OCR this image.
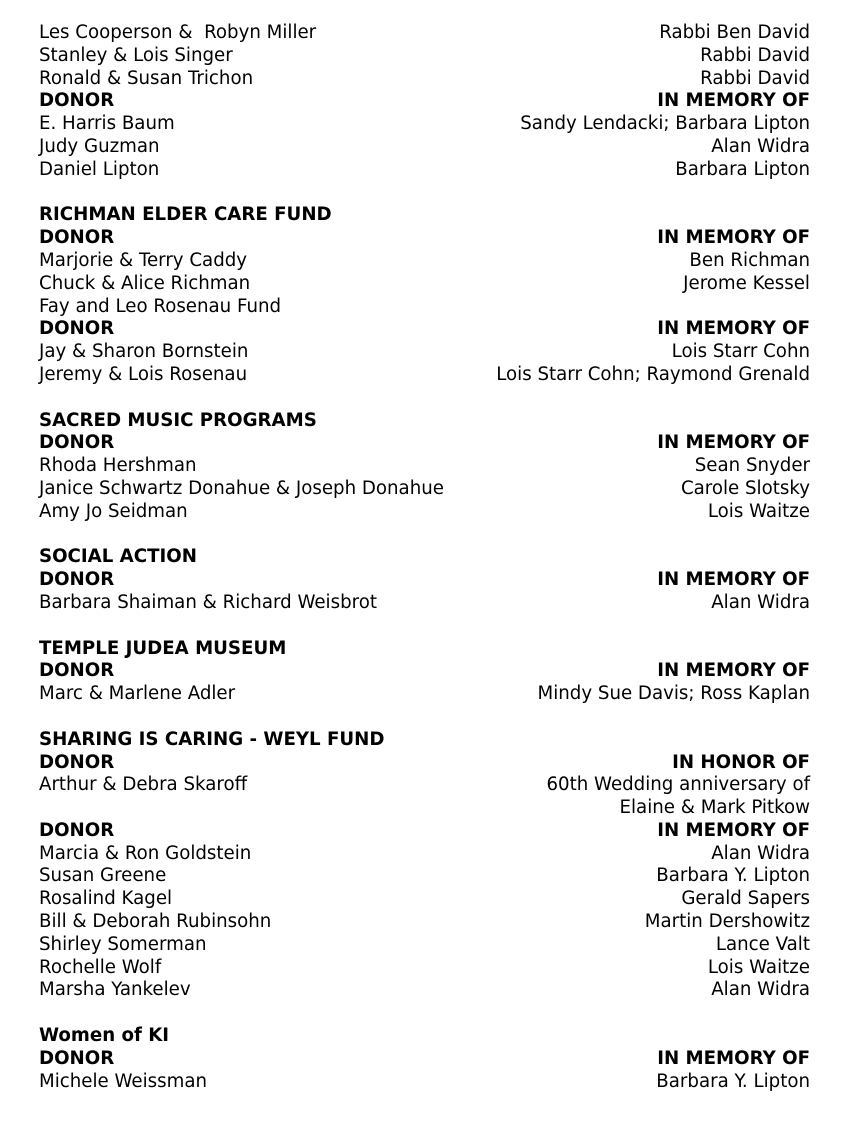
Les Cooperson &  Robyn Miller	Rabbi Ben David
Stanley & Lois Singer	Rabbi David
Ronald & Susan Trichon	Rabbi David
DONOR	IN MEMORY OF
E. Harris Baum	Sandy Lendacki; Barbara Lipton
Judy Guzman	Alan Widra
Daniel Lipton	Barbara Lipton
RICHMAN ELDER CARE FUND
DONOR	IN MEMORY OF
Marjorie & Terry Caddy	Ben Richman
Chuck & Alice Richman	Jerome Kessel
Fay and Leo Rosenau Fund
DONOR	IN MEMORY OF
Jay & Sharon Bornstein	Lois Starr Cohn
Jeremy & Lois Rosenau	Lois Starr Cohn; Raymond Grenald
SACRED MUSIC PROGRAMS
DONOR	IN MEMORY OF
Rhoda Hershman	Sean Snyder
Janice Schwartz Donahue & Joseph Donahue	Carole Slotsky
Amy Jo Seidman	Lois Waitze
SOCIAL ACTION
DONOR	IN MEMORY OF
Barbara Shaiman & Richard Weisbrot	Alan Widra
TEMPLE JUDEA MUSEUM
DONOR	IN MEMORY OF
Marc & Marlene Adler	Mindy Sue Davis; Ross Kaplan
SHARING IS CARING - WEYL FUND
DONOR	IN HONOR OF
Arthur & Debra Skaroff	60th Wedding anniversary of
Elaine & Mark Pitkow
DONOR	IN MEMORY OF
Marcia & Ron Goldstein	Alan Widra
Susan Greene	Barbara Y. Lipton
Rosalind Kagel	Gerald Sapers
Bill & Deborah Rubinsohn	Martin Dershowitz
Shirley Somerman	Lance Valt
Rochelle Wolf	Lois Waitze
Marsha Yankelev	Alan Widra
Women of KI
DONOR	IN MEMORY OF
Michele Weissman	Barbara Y. Lipton
